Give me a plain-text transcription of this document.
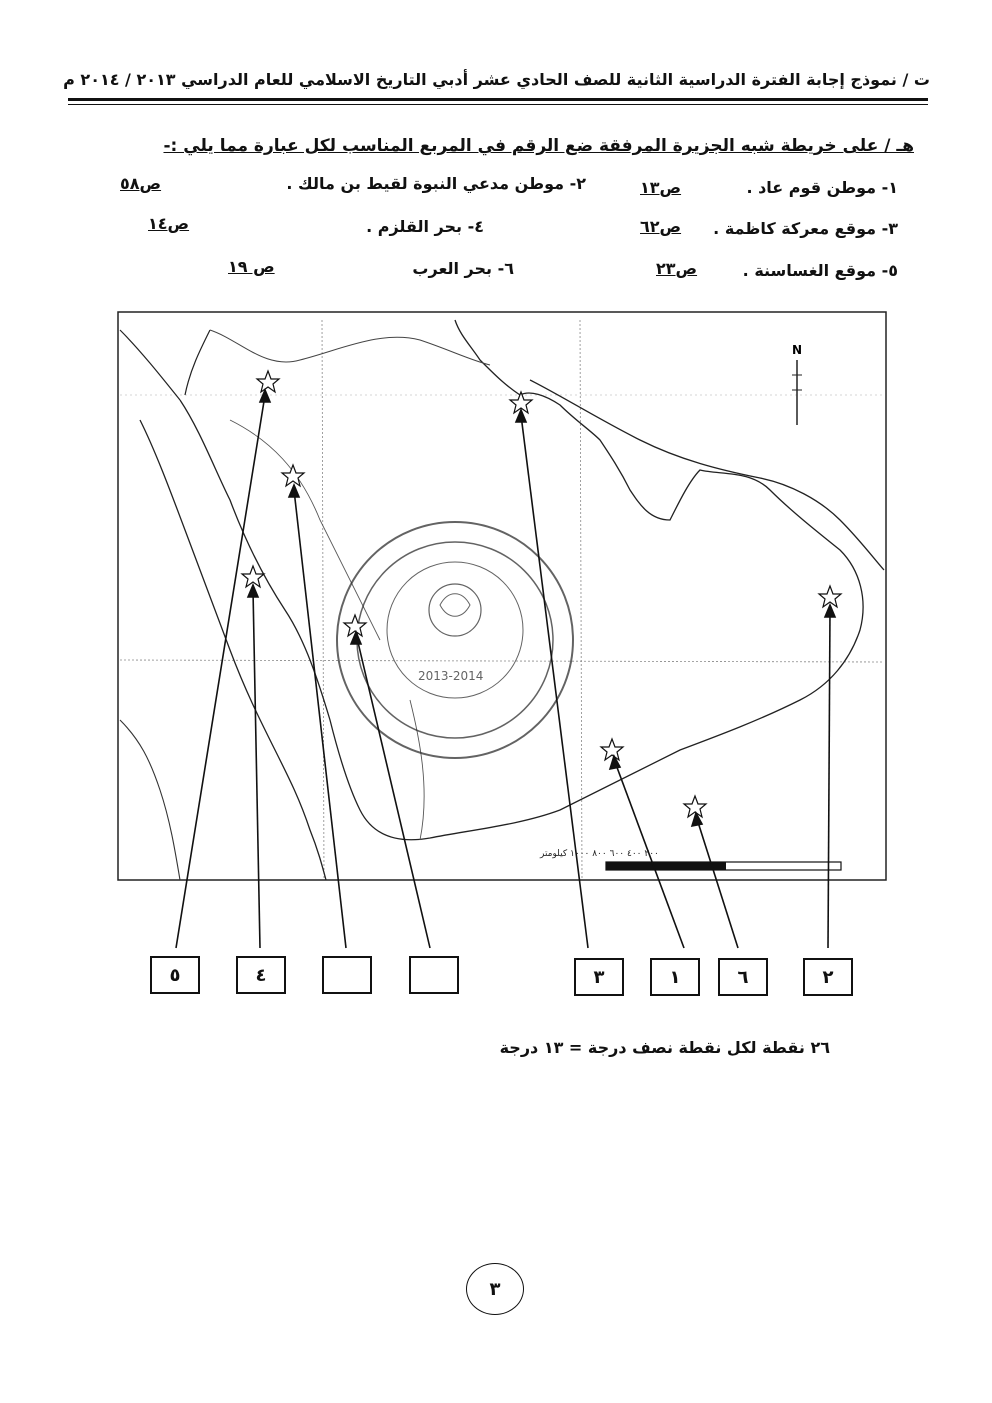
ت / نموذج إجابة الفترة الدراسية الثانية للصف الحادي عشر أدبي التاريخ الاسلامي للعام الدراسي ٢٠١٣ / ٢٠١٤ م
هـ / على خريطة شبه الجزيرة المرفقة ضع الرقم في المربع المناسب لكل عبارة مما يلي :-
١- موطن قوم عاد .
ص١٣
٢- موطن مدعي النبوة لقيط بن مالك .
ص٥٨
٣- موقع معركة كاظمة .
ص٦٢
٤- بحر القلزم .
ص١٤
٥- موقع الغساسنة .
ص٢٣
٦- بحر العرب
ص ١٩
N
٢٠٠ ٤٠٠ ٦٠٠ ٨٠٠ ١٠٠٠ كيلومتر
2013-2014
٥	٤	٣	١	٦	٢
٢٦ نقطة لكل نقطة نصف درجة = ١٣ درجة
٣
